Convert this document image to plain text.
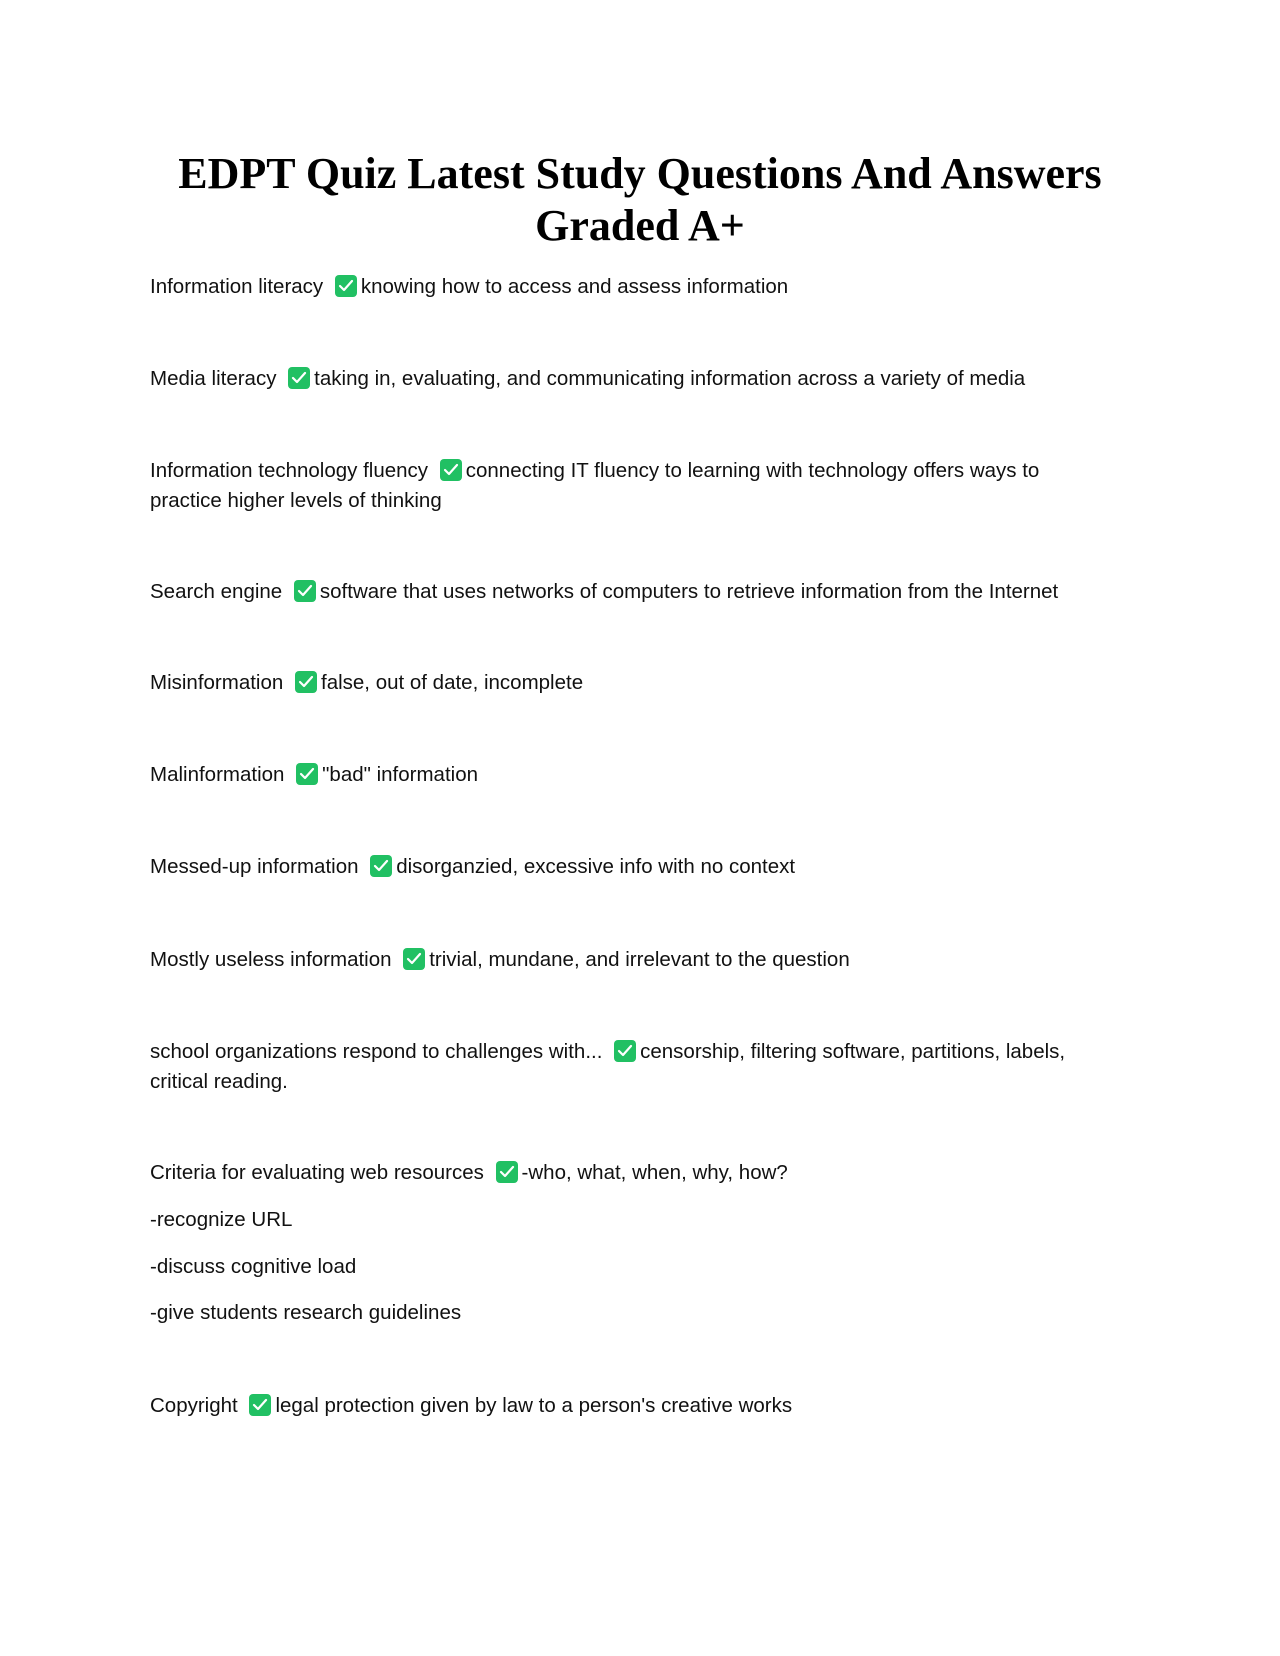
EDPT Quiz Latest Study Questions And Answers Graded A+
Information literacy
knowing how to access and assess information
Media literacy
taking in, evaluating, and communicating information across a variety of media
Information technology fluency
connecting IT fluency to learning with technology offers ways to practice higher levels of thinking
Search engine
software that uses networks of computers to retrieve information from the Internet
Misinformation
false, out of date, incomplete
Malinformation
"bad" information
Messed-up information
disorganzied, excessive info with no context
Mostly useless information
trivial, mundane, and irrelevant to the question
school organizations respond to challenges with...
censorship, filtering software, partitions, labels, critical reading.
Criteria for evaluating web resources
-who, what, when, why, how?
-recognize URL
-discuss cognitive load
-give students research guidelines
Copyright
legal protection given by law to a person's creative works
